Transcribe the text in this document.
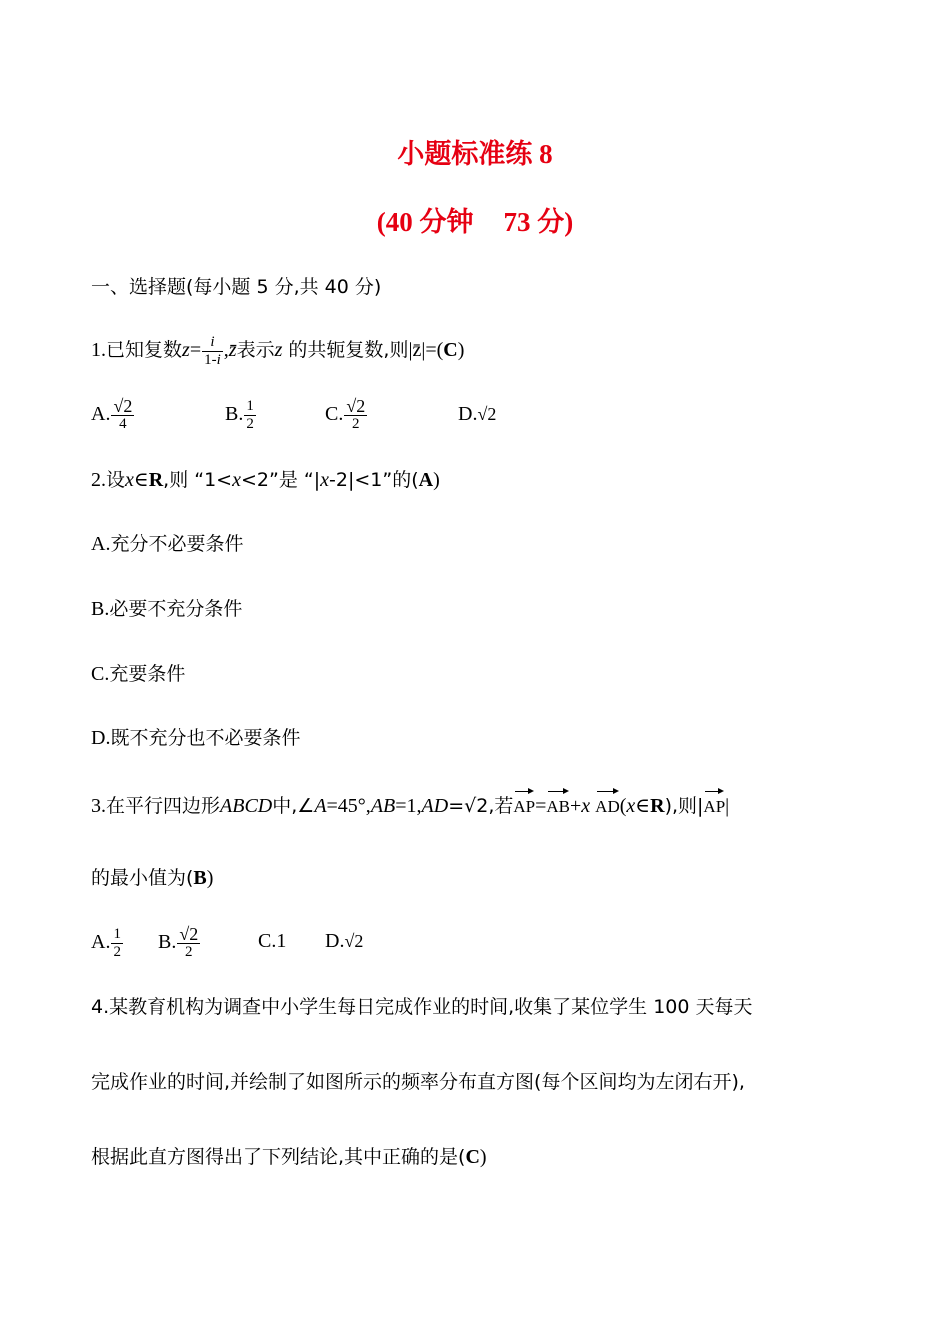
小题标准练 8
(40 分钟 73 分)
一、选择题(每小题 5 分,共 40 分)
1.已知复数$z= \frac{i}{1-i}$ ,z̄表示z 的共轭复数,则|z̄|=(C)
A. $\frac{√2}{4}$	B. $\frac{1}{2}$	C. $\frac{√2}{2}$	D.√2
2.设x∈R,则 “1<x<2”是 “|x-2|<1”的(A)
A.充分不必要条件
B.必要不充分条件
C.充要条件
D.既不充分也不必要条件
3.在平行四边形ABCD中,∠A=45°,AB=1,AD=√2,若AP=AB+x AD(x∈R),则|AP|
的最小值为(B)
A. $\frac{1}{2} B$. $\frac{√2}{2}$	C.1 D.√2
4.某教育机构为调查中小学生每日完成作业的时间,收集了某位学生 100 天每天
完成作业的时间,并绘制了如图所示的频率分布直方图(每个区间均为左闭右开),
根据此直方图得出了下列结论,其中正确的是(C)
